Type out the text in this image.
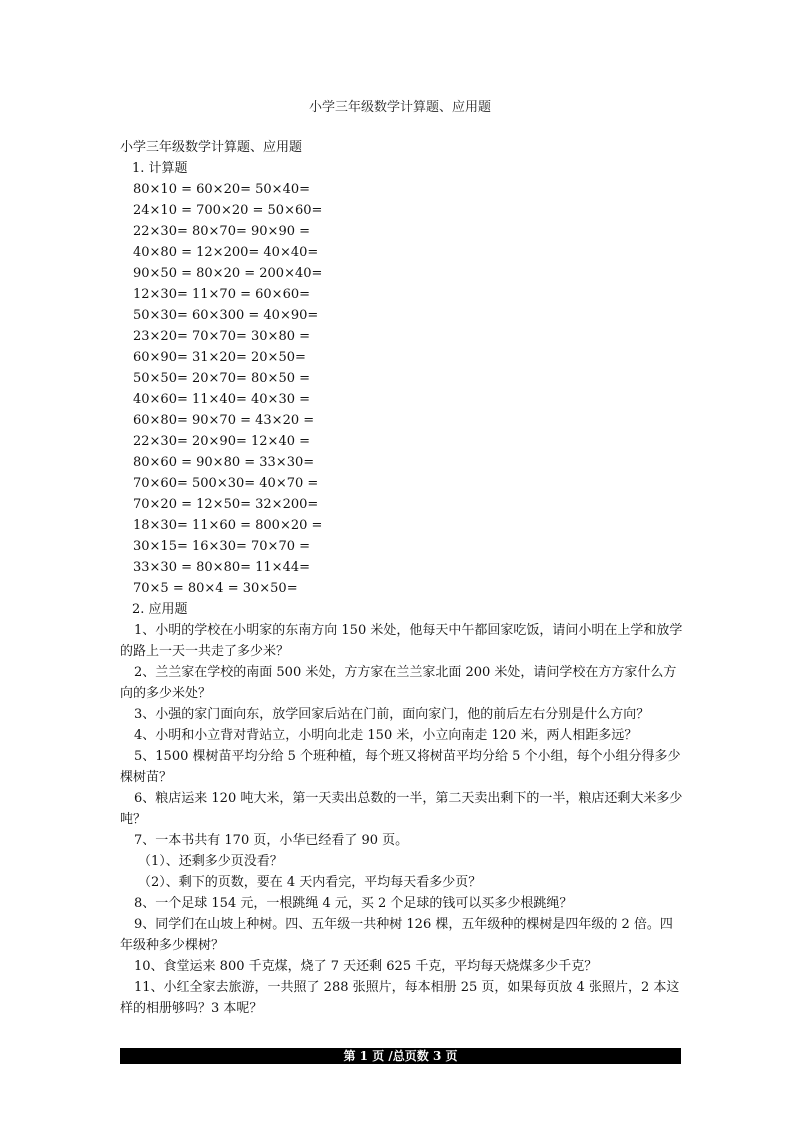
小学三年级数学计算题、应用题
小学三年级数学计算题、应用题
1. 计算题
80×10 = 60×20= 50×40=
24×10 = 700×20 = 50×60=
22×30= 80×70= 90×90 =
40×80 = 12×200= 40×40=
90×50 = 80×20 = 200×40=
12×30= 11×70 = 60×60=
50×30= 60×300 = 40×90=
23×20= 70×70= 30×80 =
60×90= 31×20= 20×50=
50×50= 20×70= 80×50 =
40×60= 11×40= 40×30 =
60×80= 90×70 = 43×20 =
22×30= 20×90= 12×40 =
80×60 = 90×80 = 33×30=
70×60= 500×30= 40×70 =
70×20 = 12×50= 32×200=
18×30= 11×60 = 800×20 =
30×15= 16×30= 70×70 =
33×30 = 80×80= 11×44=
70×5 = 80×4 = 30×50=
2. 应用题

1、小明的学校在小明家的东南方向 150 米处，他每天中午都回家吃饭，请问小明在上学和放学的路上一天一共走了多少米？

2、兰兰家在学校的南面 500 米处，方方家在兰兰家北面 200 米处，请问学校在方方家什么方向的多少米处？

3、小强的家门面向东，放学回家后站在门前，面向家门，他的前后左右分别是什么方向？

4、小明和小立背对背站立，小明向北走 150 米，小立向南走 120 米，两人相距多远？

5、1500 棵树苗平均分给 5 个班种植，每个班又将树苗平均分给 5 个小组，每个小组分得多少棵树苗？

6、粮店运来 120 吨大米，第一天卖出总数的一半，第二天卖出剩下的一半，粮店还剩大米多少吨？

7、一本书共有 170 页，小华已经看了 90 页。

（1）、还剩多少页没看？
（2）、剩下的页数，要在 4 天内看完，平均每天看多少页？

8、一个足球 154 元，一根跳绳 4 元，买 2 个足球的钱可以买多少根跳绳？

9、同学们在山坡上种树。四、五年级一共种树 126 棵，五年级种的棵树是四年级的 2 倍。四年级种多少棵树？

10、食堂运来 800 千克煤，烧了 7 天还剩 625 千克，平均每天烧煤多少千克？

11、小红全家去旅游，一共照了 288 张照片，每本相册 25 页，如果每页放 4 张照片，2 本这样的相册够吗？3 本呢？

第 1 页 /总页数 3 页
